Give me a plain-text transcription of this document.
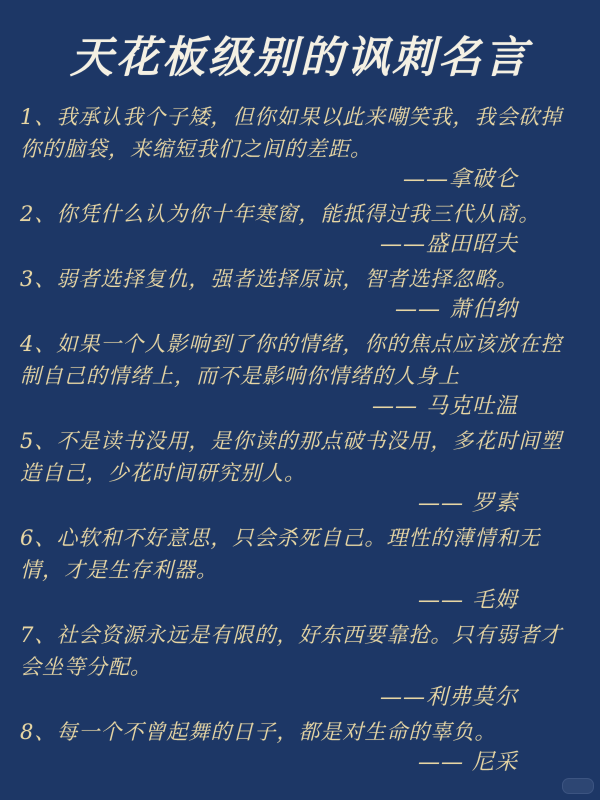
天花板级别的讽刺名言

1、我承认我个子矮，但你如果以此来嘲笑我，我会砍掉你的脑袋，来缩短我们之间的差距。

——拿破仑

2、你凭什么认为你十年寒窗，能抵得过我三代从商。

——盛田昭夫

3、弱者选择复仇，强者选择原谅，智者选择忽略。

—— 萧伯纳

4、如果一个人影响到了你的情绪，你的焦点应该放在控制自己的情绪上，而不是影响你情绪的人身上

—— 马克吐温

5、不是读书没用，是你读的那点破书没用，多花时间塑造自己，少花时间研究别人。

—— 罗素

6、心软和不好意思，只会杀死自己。理性的薄情和无情，才是生存利器。

—— 毛姆

7、社会资源永远是有限的，好东西要靠抢。只有弱者才会坐等分配。

——利弗莫尔

8、每一个不曾起舞的日子，都是对生命的辜负。

—— 尼采
